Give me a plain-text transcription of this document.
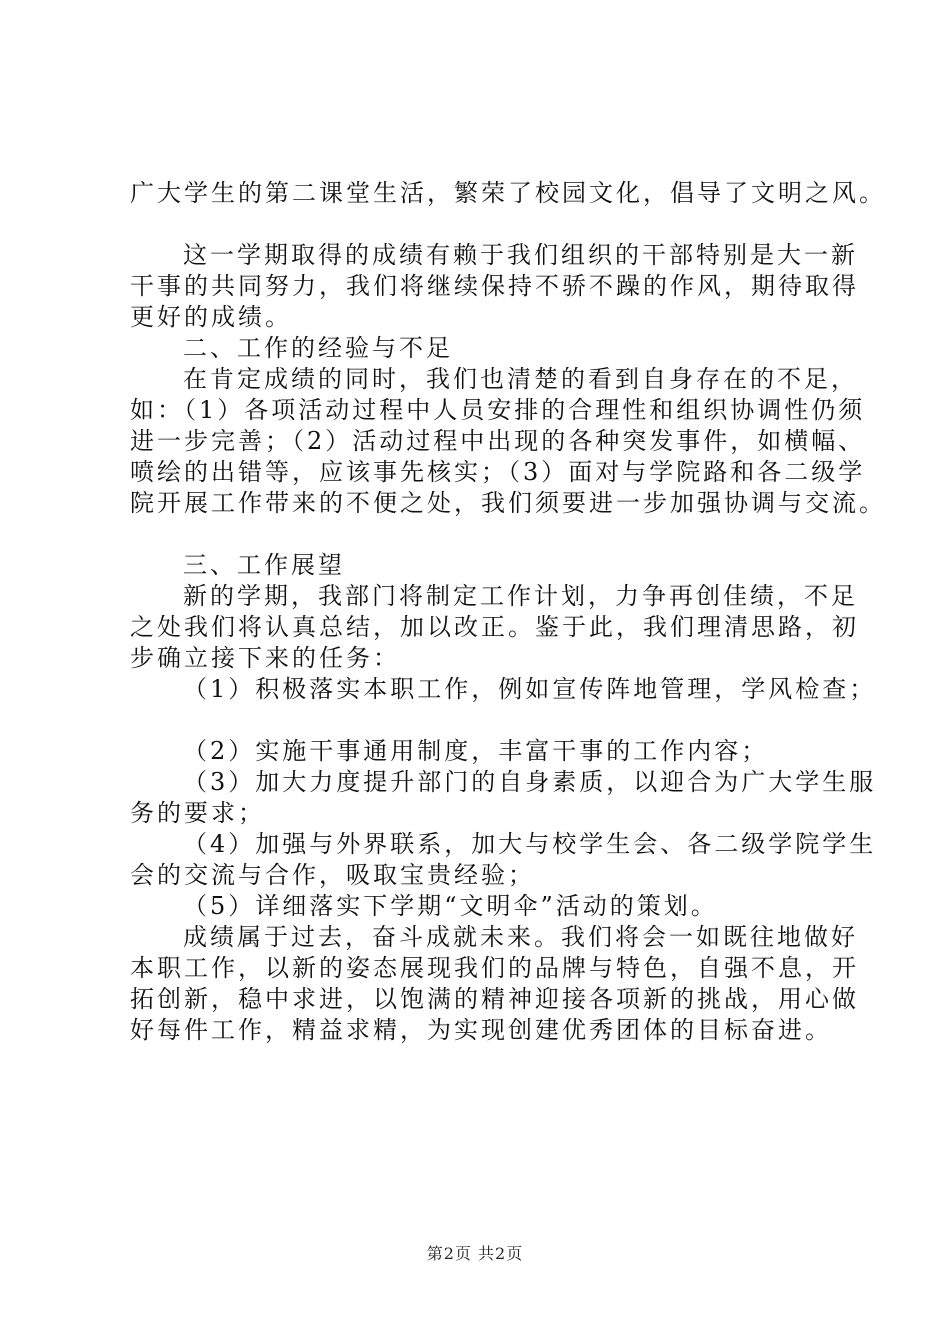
广大学生的第二课堂生活，繁荣了校园文化，倡导了文明之风。

这一学期取得的成绩有赖于我们组织的干部特别是大一新

干事的共同努力，我们将继续保持不骄不躁的作风，期待取得

更好的成绩。

二、工作的经验与不足

在肯定成绩的同时，我们也清楚的看到自身存在的不足，

如：（1）各项活动过程中人员安排的合理性和组织协调性仍须

进一步完善；（2）活动过程中出现的各种突发事件，如横幅、

喷绘的出错等，应该事先核实；（3）面对与学院路和各二级学

院开展工作带来的不便之处，我们须要进一步加强协调与交流。

三、工作展望

新的学期，我部门将制定工作计划，力争再创佳绩，不足

之处我们将认真总结，加以改正。鉴于此，我们理清思路，初

步确立接下来的任务：

（1）积极落实本职工作，例如宣传阵地管理，学风检查；

（2）实施干事通用制度，丰富干事的工作内容；

（3）加大力度提升部门的自身素质，以迎合为广大学生服

务的要求；

（4）加强与外界联系，加大与校学生会、各二级学院学生

会的交流与合作，吸取宝贵经验；

（5）详细落实下学期“文明伞”活动的策划。

成绩属于过去，奋斗成就未来。我们将会一如既往地做好

本职工作，以新的姿态展现我们的品牌与特色，自强不息，开

拓创新，稳中求进，以饱满的精神迎接各项新的挑战，用心做

好每件工作，精益求精，为实现创建优秀团体的目标奋进。

第2页 共2页
